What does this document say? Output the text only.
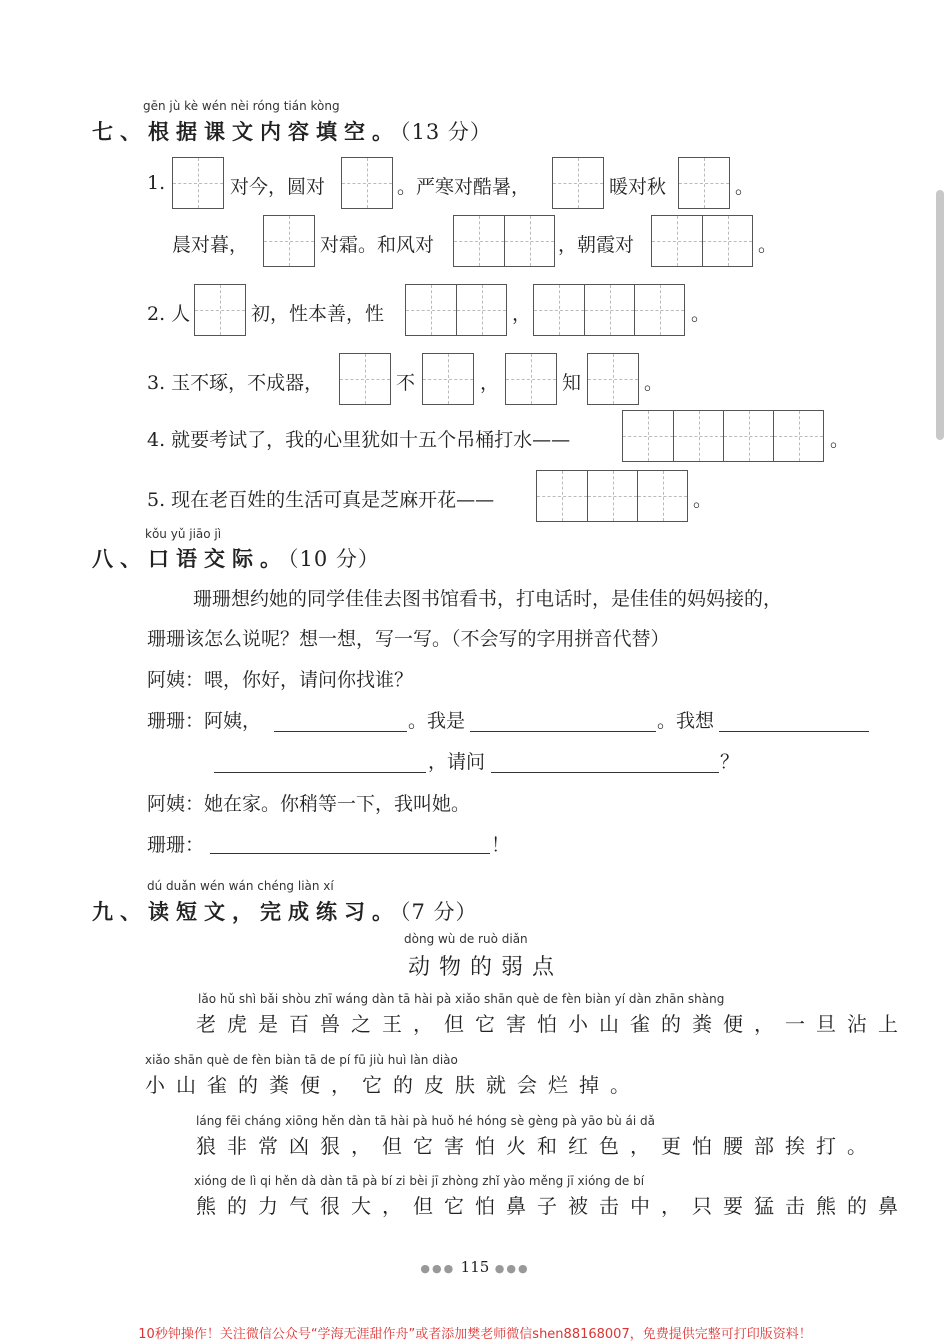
gēn jù kè wén nèi róng tián kòng
七、根据课文内容填空。（13 分）
1.	对今，圆对	。严寒对酷暑，	暖对秋	。
晨对暮，	对霜。和风对	，朝霞对	。
2. 人	初，性本善，性	，	。
3. 玉不琢，不成器，	不	，	知	。
4. 就要考试了，我的心里犹如十五个吊桶打水——	。
5. 现在老百姓的生活可真是芝麻开花——	。
kǒu yǔ jiāo jì
八、口语交际。（10 分）
珊珊想约她的同学佳佳去图书馆看书，打电话时，是佳佳的妈妈接的，
珊珊该怎么说呢？想一想，写一写。（不会写的字用拼音代替）
阿姨：喂，你好，请问你找谁？
珊珊：阿姨，	。我是	。我想
，请问	？
阿姨：她在家。你稍等一下，我叫她。
珊珊：	！
dú duǎn wén wán chéng liàn xí
九、读短文，完成练习。（7 分）
dòng wù de ruò diǎn
动物的弱点
lǎo hǔ shì bǎi shòu zhī wáng dàn tā hài pà xiǎo shān què de fèn biàn yí dàn zhān shàng
老虎是百兽之王，但它害怕小山雀的粪便，一旦沾上
xiǎo shān què de fèn biàn tā de pí fū jiù huì làn diào
小山雀的粪便，它的皮肤就会烂掉。
láng fēi cháng xiōng hěn dàn tā hài pà huǒ hé hóng sè gèng pà yāo bù ái dǎ
狼非常凶狠，但它害怕火和红色，更怕腰部挨打。
xióng de lì qi hěn dà dàn tā pà bí zi bèi jī zhòng zhǐ yào měng jī xióng de bí
熊的力气很大，但它怕鼻子被击中，只要猛击熊的鼻
●●● 115 ●●●
10秒钟操作！关注微信公众号“学海无涯甜作舟”或者添加樊老师微信shen88168007，免费提供完整可打印版资料！
